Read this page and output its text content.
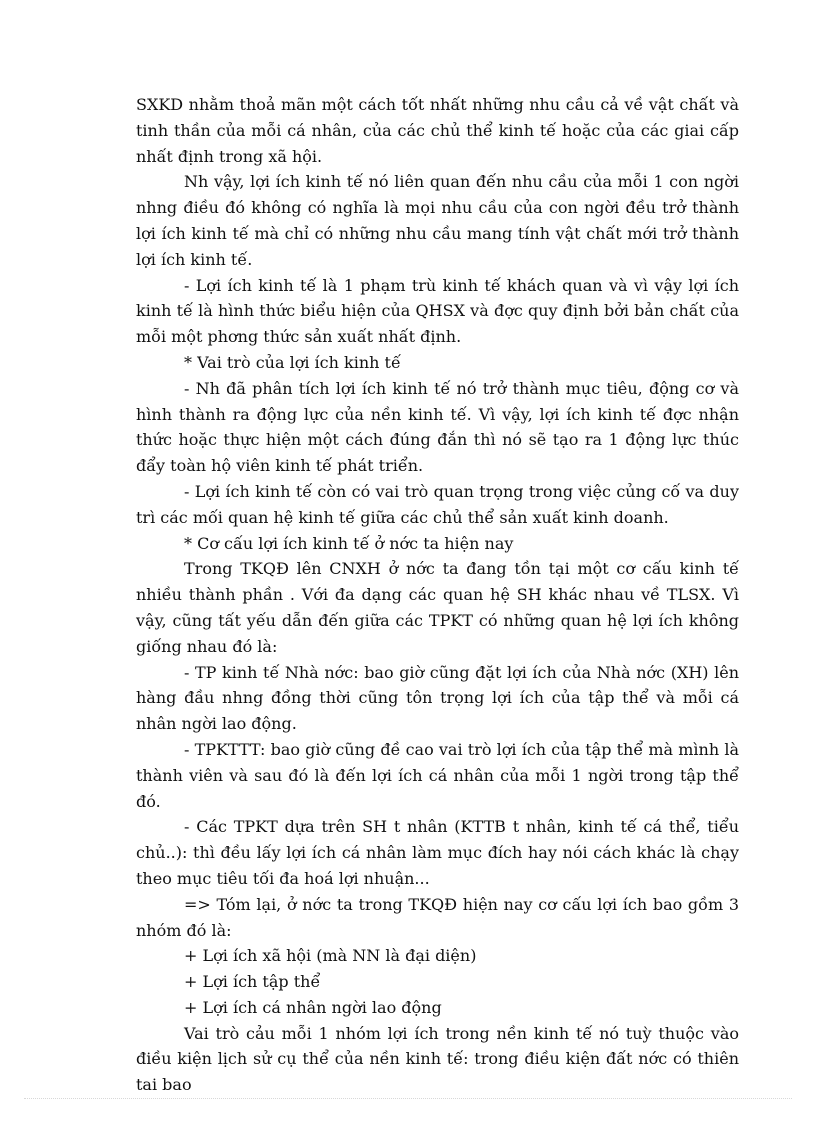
SXKD nhằm thoả mãn một cách tốt nhất những nhu cầu cả về vật chất và tinh thần của mỗi cá nhân, của các chủ thể kinh tế hoặc của các giai cấp nhất định trong xã hội.

Nh vậy, lợi ích kinh tế nó liên quan đến nhu cầu của mỗi 1 con ngời nhng điều đó không có nghĩa là mọi nhu cầu của con ngời đều trở thành lợi ích kinh tế mà chỉ có những nhu cầu mang tính vật chất mới trở thành lợi ích kinh tế.

- Lợi ích kinh tế là 1 phạm trù kinh tế khách quan và vì vậy lợi ích kinh tế là hình thức biểu hiện của QHSX và đợc quy định bởi bản chất của mỗi một phơng thức sản xuất nhất định.

* Vai trò của lợi ích kinh tế

- Nh đã phân tích lợi ích kinh tế nó trở thành mục tiêu, động cơ và hình thành ra động lực của nền kinh tế. Vì vậy, lợi ích kinh tế đợc nhận thức hoặc thực hiện một cách đúng đắn thì nó sẽ tạo ra 1 động lực thúc đẩy toàn hộ viên kinh tế phát triển.

- Lợi ích kinh tế còn có vai trò quan trọng trong việc củng cố va duy trì các mối quan hệ kinh tế giữa các chủ thể sản xuất kinh doanh.

* Cơ cấu lợi ích kinh tế ở nớc ta hiện nay

Trong TKQĐ lên CNXH ở nớc ta đang tồn tại một cơ cấu kinh tế nhiều thành phần . Với đa dạng các quan hệ SH khác nhau về TLSX. Vì vậy, cũng tất yếu dẫn đến giữa các TPKT có những quan hệ lợi ích không giống nhau đó là:

- TP kinh tế Nhà nớc: bao giờ cũng đặt lợi ích của Nhà nớc (XH) lên hàng đầu nhng đồng thời cũng tôn trọng lợi ích của tập thể và mỗi cá nhân ngời lao động.

- TPKTTT: bao giờ cũng đề cao vai trò lợi ích của tập thể mà mình là thành viên và sau đó là đến lợi ích cá nhân của mỗi 1 ngời trong tập thể đó.

- Các TPKT dựa trên SH t nhân (KTTB t nhân, kinh tế cá thể, tiểu chủ..): thì đều lấy lợi ích cá nhân làm mục đích hay nói cách khác là chạy theo mục tiêu tối đa hoá lợi nhuận...

=> Tóm lại, ở nớc ta trong TKQĐ hiện nay cơ cấu lợi ích bao gồm 3 nhóm đó là:

+ Lợi ích xã hội (mà NN là đại diện)

+ Lợi ích tập thể

+ Lợi ích cá nhân ngời lao động

Vai trò cảu mỗi 1 nhóm lợi ích trong nền kinh tế nó tuỳ thuộc vào điều kiện lịch sử cụ thể của nền kinh tế: trong điều kiện đất nớc có thiên tai bao
